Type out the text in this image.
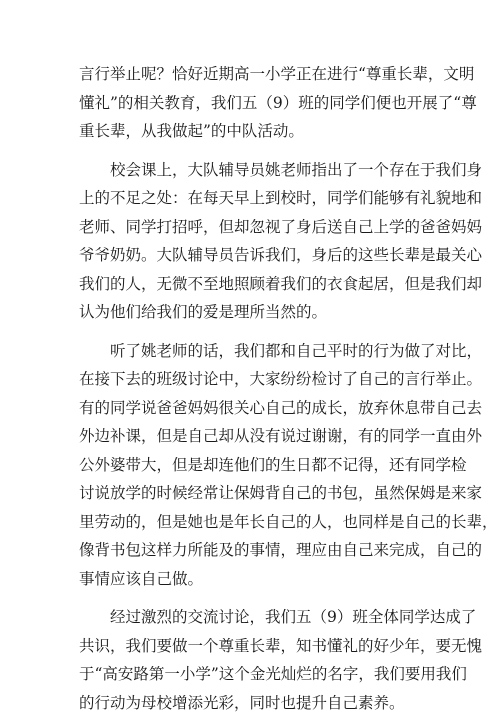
言行举止呢？恰好近期高一小学正在进行“尊重长辈，文明
懂礼”的相关教育，我们五（9）班的同学们便也开展了“尊
重长辈，从我做起”的中队活动。
校会课上，大队辅导员姚老师指出了一个存在于我们身
上的不足之处：在每天早上到校时，同学们能够有礼貌地和
老师、同学打招呼，但却忽视了身后送自己上学的爸爸妈妈
爷爷奶奶。大队辅导员告诉我们，身后的这些长辈是最关心
我们的人，无微不至地照顾着我们的衣食起居，但是我们却
认为他们给我们的爱是理所当然的。
听了姚老师的话，我们都和自己平时的行为做了对比，
在接下去的班级讨论中，大家纷纷检讨了自己的言行举止。
有的同学说爸爸妈妈很关心自己的成长，放弃休息带自己去
外边补课，但是自己却从没有说过谢谢，有的同学一直由外
公外婆带大，但是却连他们的生日都不记得，还有同学检
讨说放学的时候经常让保姆背自己的书包，虽然保姆是来家
里劳动的，但是她也是年长自己的人，也同样是自己的长辈，
像背书包这样力所能及的事情，理应由自己来完成，自己的
事情应该自己做。
经过激烈的交流讨论，我们五（9）班全体同学达成了
共识，我们要做一个尊重长辈，知书懂礼的好少年，要无愧
于“高安路第一小学”这个金光灿烂的名字，我们要用我们
的行动为母校增添光彩，同时也提升自己素养。
